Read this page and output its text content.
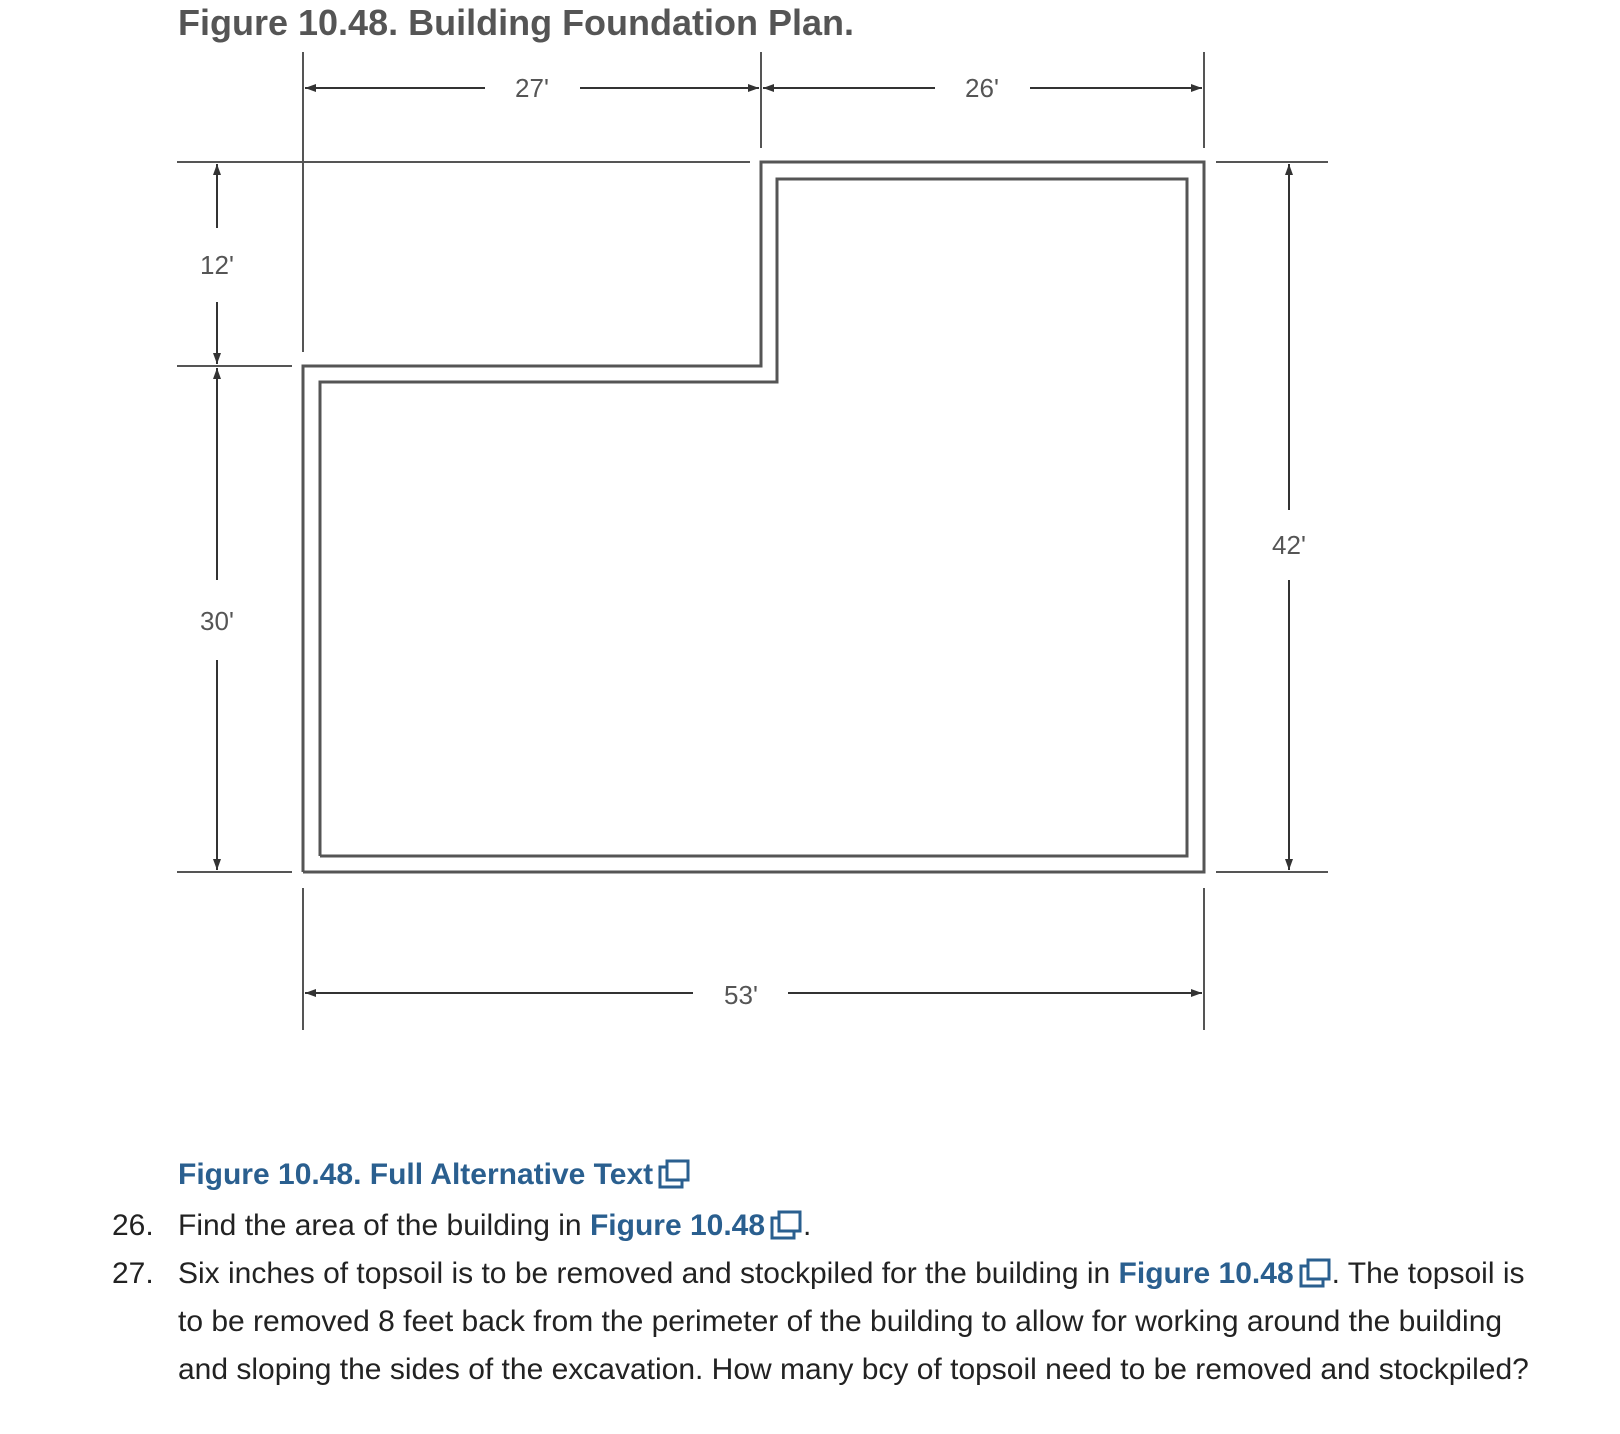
Figure 10.48. Building Foundation Plan.
27'	26'
12'
30'
42'
53'
Figure 10.48. Full Alternative Text
26. Find the area of the building in Figure 10.48 .
27. Six inches of topsoil is to be removed and stockpiled for the building in Figure 10.48 . The topsoil is to be removed 8 feet back from the perimeter of the building to allow for working around the building and sloping the sides of the excavation. How many bcy of topsoil need to be removed and stockpiled?
